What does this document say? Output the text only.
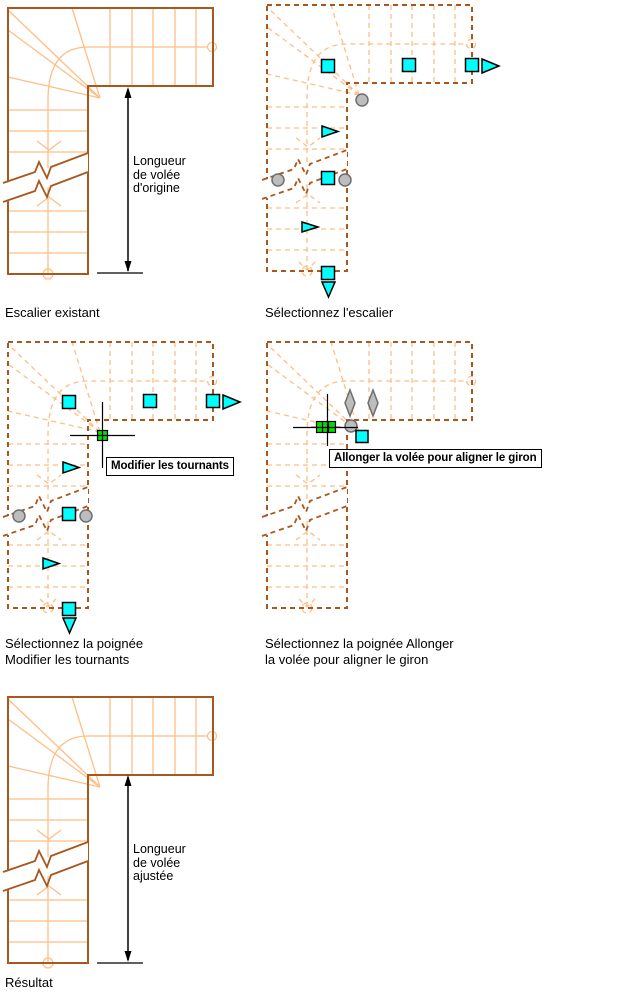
Longueur
de volée
d'origine
Longueur
de volée
ajustée
Modifier les tournants
Allonger la volée pour aligner le giron
Escalier existant	Sélectionnez l'escalier
Sélectionnez la poignée
Modifier les tournants
Sélectionnez la poignée Allonger
la volée pour aligner le giron
Résultat
